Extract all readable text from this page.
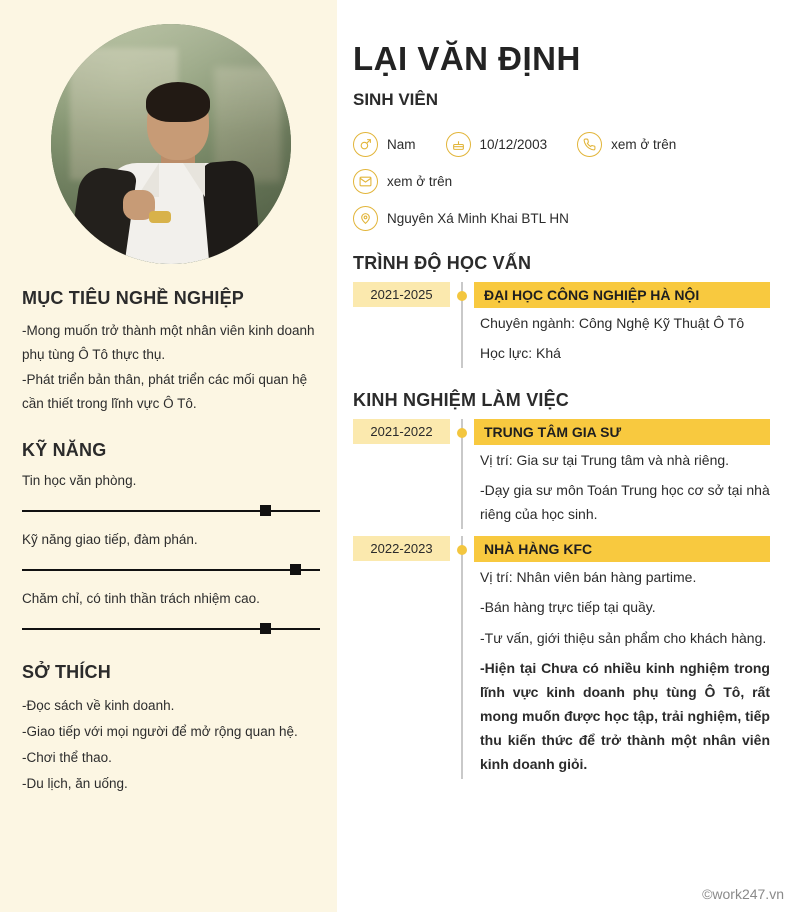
MỤC TIÊU NGHỀ NGHIỆP

-Mong muốn trở thành một nhân viên kinh doanh phụ tùng Ô Tô thực thụ.

-Phát triển bản thân, phát triển các mối quan hệ cần thiết trong lĩnh vực Ô Tô.

KỸ NĂNG

Tin học văn phòng.

Kỹ năng giao tiếp, đàm phán.

Chăm chỉ, có tinh thần trách nhiệm cao.

SỞ THÍCH

-Đọc sách về kinh doanh.

-Giao tiếp với mọi người để mở rộng quan hệ.

-Chơi thể thao.

-Du lịch, ăn uống.

LẠI VĂN ĐỊNH
SINH VIÊN
Nam	10/12/2003	xem ở trên
xem ở trên
Nguyên Xá Minh Khai BTL HN
TRÌNH ĐỘ HỌC VẤN
2021-2025	ĐẠI HỌC CÔNG NGHIỆP HÀ NỘI
Chuyên ngành: Công Nghệ Kỹ Thuật Ô Tô
Học lực: Khá
KINH NGHIỆM LÀM VIỆC
2021-2022	TRUNG TÂM GIA SƯ
Vị trí: Gia sư tại Trung tâm và nhà riêng.
-Dạy gia sư môn Toán Trung học cơ sở tại nhà riêng của học sinh.
2022-2023	NHÀ HÀNG KFC
Vị trí: Nhân viên bán hàng partime.
-Bán hàng trực tiếp tại quầy.
-Tư vấn, giới thiệu sản phẩm cho khách hàng.
-Hiện tại Chưa có nhiều kinh nghiệm trong lĩnh vực kinh doanh phụ tùng Ô Tô, rất mong muốn được học tập, trải nghiệm, tiếp thu kiến thức để trở thành một nhân viên kinh doanh giỏi.
©work247.vn
